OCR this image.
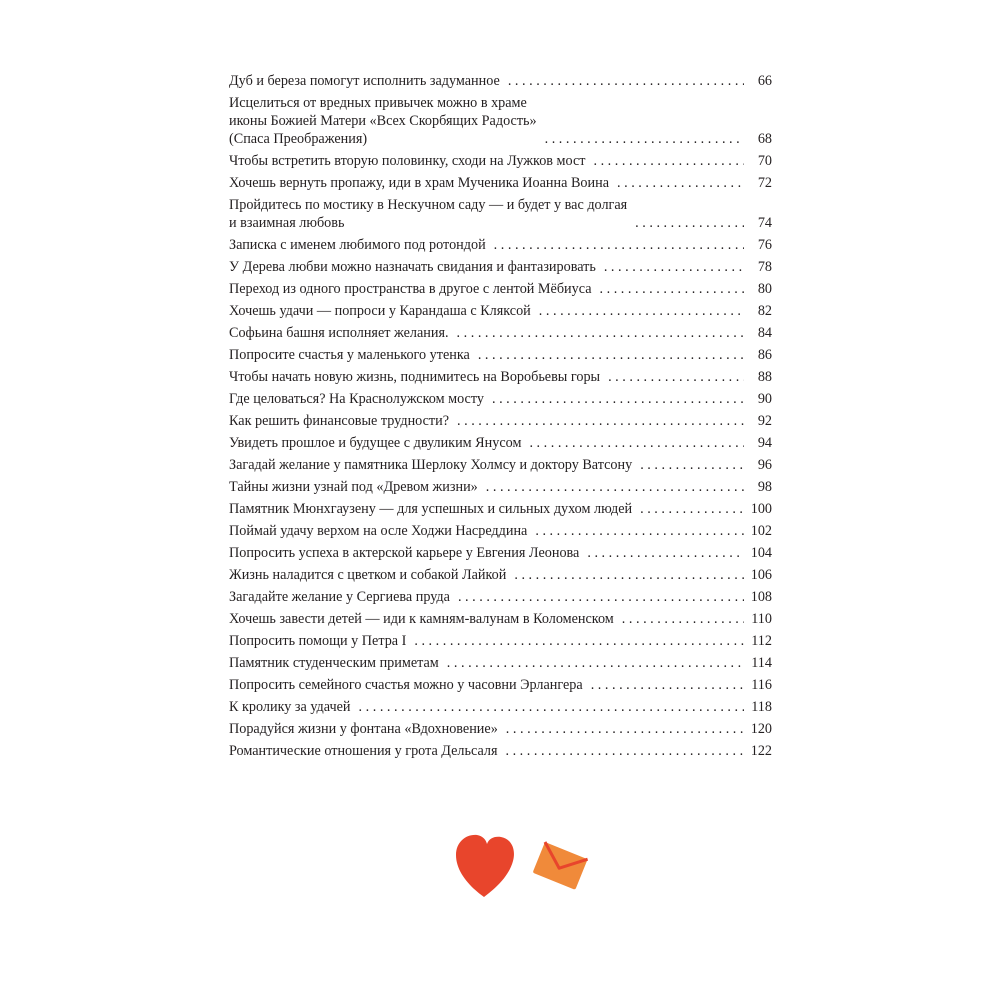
Дуб и береза помогут исполнить задуманное . . .	66
Исцелиться от вредных привычек можно в храме
иконы Божией Матери «Всех Скорбящих Радость»
(Спаса Преображения) . . .	68
Чтобы встретить вторую половинку, сходи на Лужков мост . . .	70
Хочешь вернуть пропажу, иди в храм Мученика Иоанна Воина . . .	72
Пройдитесь по мостику в Нескучном саду — и будет у вас долгая
и взаимная любовь . . .	74
Записка с именем любимого под ротондой . . .	76
У Дерева любви можно назначать свидания и фантазировать . . .	78
Переход из одного пространства в другое с лентой Мёбиуса . . .	80
Хочешь удачи — попроси у Карандаша с Кляксой . . .	82
Софьина башня исполняет желания. . . .	84
Попросите счастья у маленького утенка . . .	86
Чтобы начать новую жизнь, поднимитесь на Воробьевы горы . . .	88
Где целоваться? На Краснолужском мосту . . .	90
Как решить финансовые трудности? . . .	92
Увидеть прошлое и будущее с двуликим Янусом . . .	94
Загадай желание у памятника Шерлоку Холмсу и доктору Ватсону . . .	96
Тайны жизни узнай под «Древом жизни» . . .	98
Памятник Мюнхгаузену — для успешных и сильных духом людей . . .	100
Поймай удачу верхом на осле Ходжи Насреддина . . .	102
Попросить успеха в актерской карьере у Евгения Леонова . . .	104
Жизнь наладится с цветком и собакой Лайкой . . .	106
Загадайте желание у Сергиева пруда . . .	108
Хочешь завести детей — иди к камням-валунам в Коломенском . . .	110
Попросить помощи у Петра I . . .	112
Памятник студенческим приметам . . .	114
Попросить семейного счастья можно у часовни Эрлангера . . .	116
К кролику за удачей . . .	118
Порадуйся жизни у фонтана «Вдохновение» . . .	120
Романтические отношения у грота Дельсаля . . .	122
